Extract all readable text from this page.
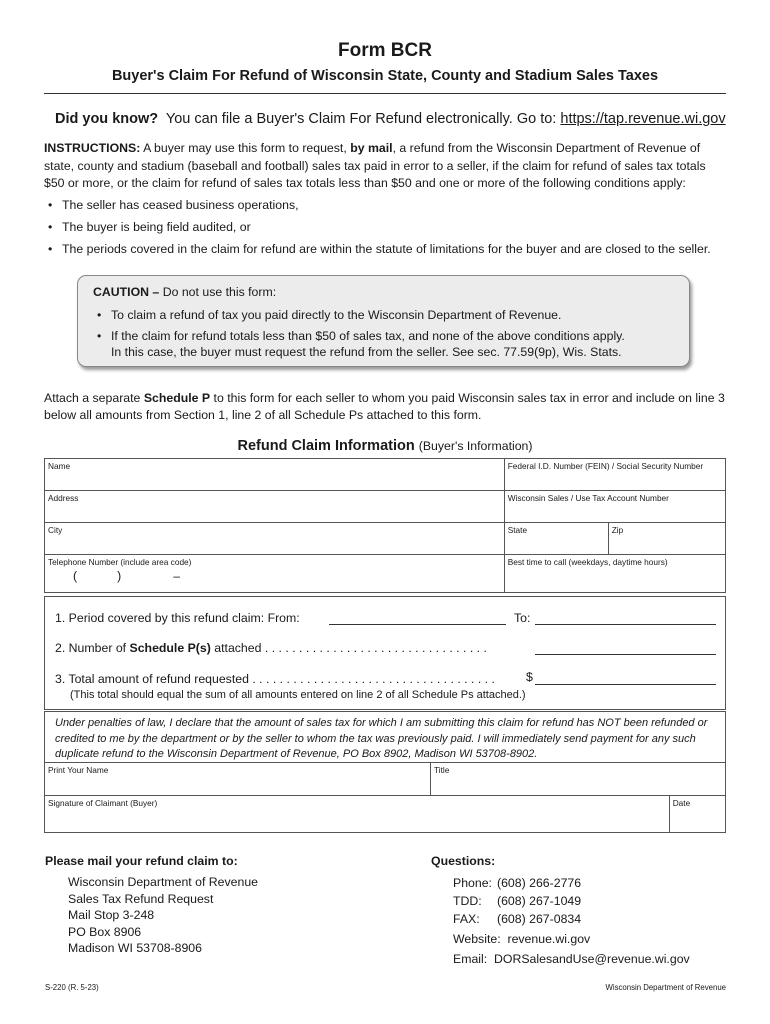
Form BCR
Buyer's Claim For Refund of Wisconsin State, County and Stadium Sales Taxes
Did you know? You can file a Buyer's Claim For Refund electronically. Go to: https://tap.revenue.wi.gov
INSTRUCTIONS: A buyer may use this form to request, by mail, a refund from the Wisconsin Department of Revenue of state, county and stadium (baseball and football) sales tax paid in error to a seller, if the claim for refund of sales tax totals $50 or more, or the claim for refund of sales tax totals less than $50 and one or more of the following conditions apply:
• The seller has ceased business operations,
• The buyer is being field audited, or
• The periods covered in the claim for refund are within the statute of limitations for the buyer and are closed to the seller.
CAUTION – Do not use this form:
• To claim a refund of tax you paid directly to the Wisconsin Department of Revenue.
• If the claim for refund totals less than $50 of sales tax, and none of the above conditions apply.
In this case, the buyer must request the refund from the seller. See sec. 77.59(9p), Wis. Stats.
Attach a separate Schedule P to this form for each seller to whom you paid Wisconsin sales tax in error and include on line 3 below all amounts from Section 1, line 2 of all Schedule Ps attached to this form.
Refund Claim Information (Buyer's Information)
Name	Federal I.D. Number (FEIN) / Social Security Number	
Address	Wisconsin Sales / Use Tax Account Number	
City	State	Zip
Telephone Number (include area code)
( ) –	Best time to call (weekdays, daytime hours)	
1. Period covered by this refund claim: From:	To:
2. Number of Schedule P(s) attached . . . . . . . . . . . . . . . . . . . . . . . . . . . . . . . . .
3. Total amount of refund requested . . . . . . . . . . . . . . . . . . . . . . . . . . . . . . . . . . . .	$
(This total should equal the sum of all amounts entered on line 2 of all Schedule Ps attached.)
Under penalties of law, I declare that the amount of sales tax for which I am submitting this claim for refund has NOT been refunded or credited to me by the department or by the seller to whom the tax was previously paid. I will immediately send payment for any such duplicate refund to the Wisconsin Department of Revenue, PO Box 8902, Madison WI 53708-8902.
Print Your Name	Title	
Signature of Claimant (Buyer)		Date
Please mail your refund claim to:
Wisconsin Department of Revenue
Sales Tax Refund Request
Mail Stop 3-248
PO Box 8906
Madison WI 53708-8906
Questions:
Phone: (608) 266-2776
TDD: (608) 267-1049
FAX: (608) 267-0834
Website: revenue.wi.gov
Email: DORSalesandUse@revenue.wi.gov
S-220 (R. 5-23)	Wisconsin Department of Revenue
